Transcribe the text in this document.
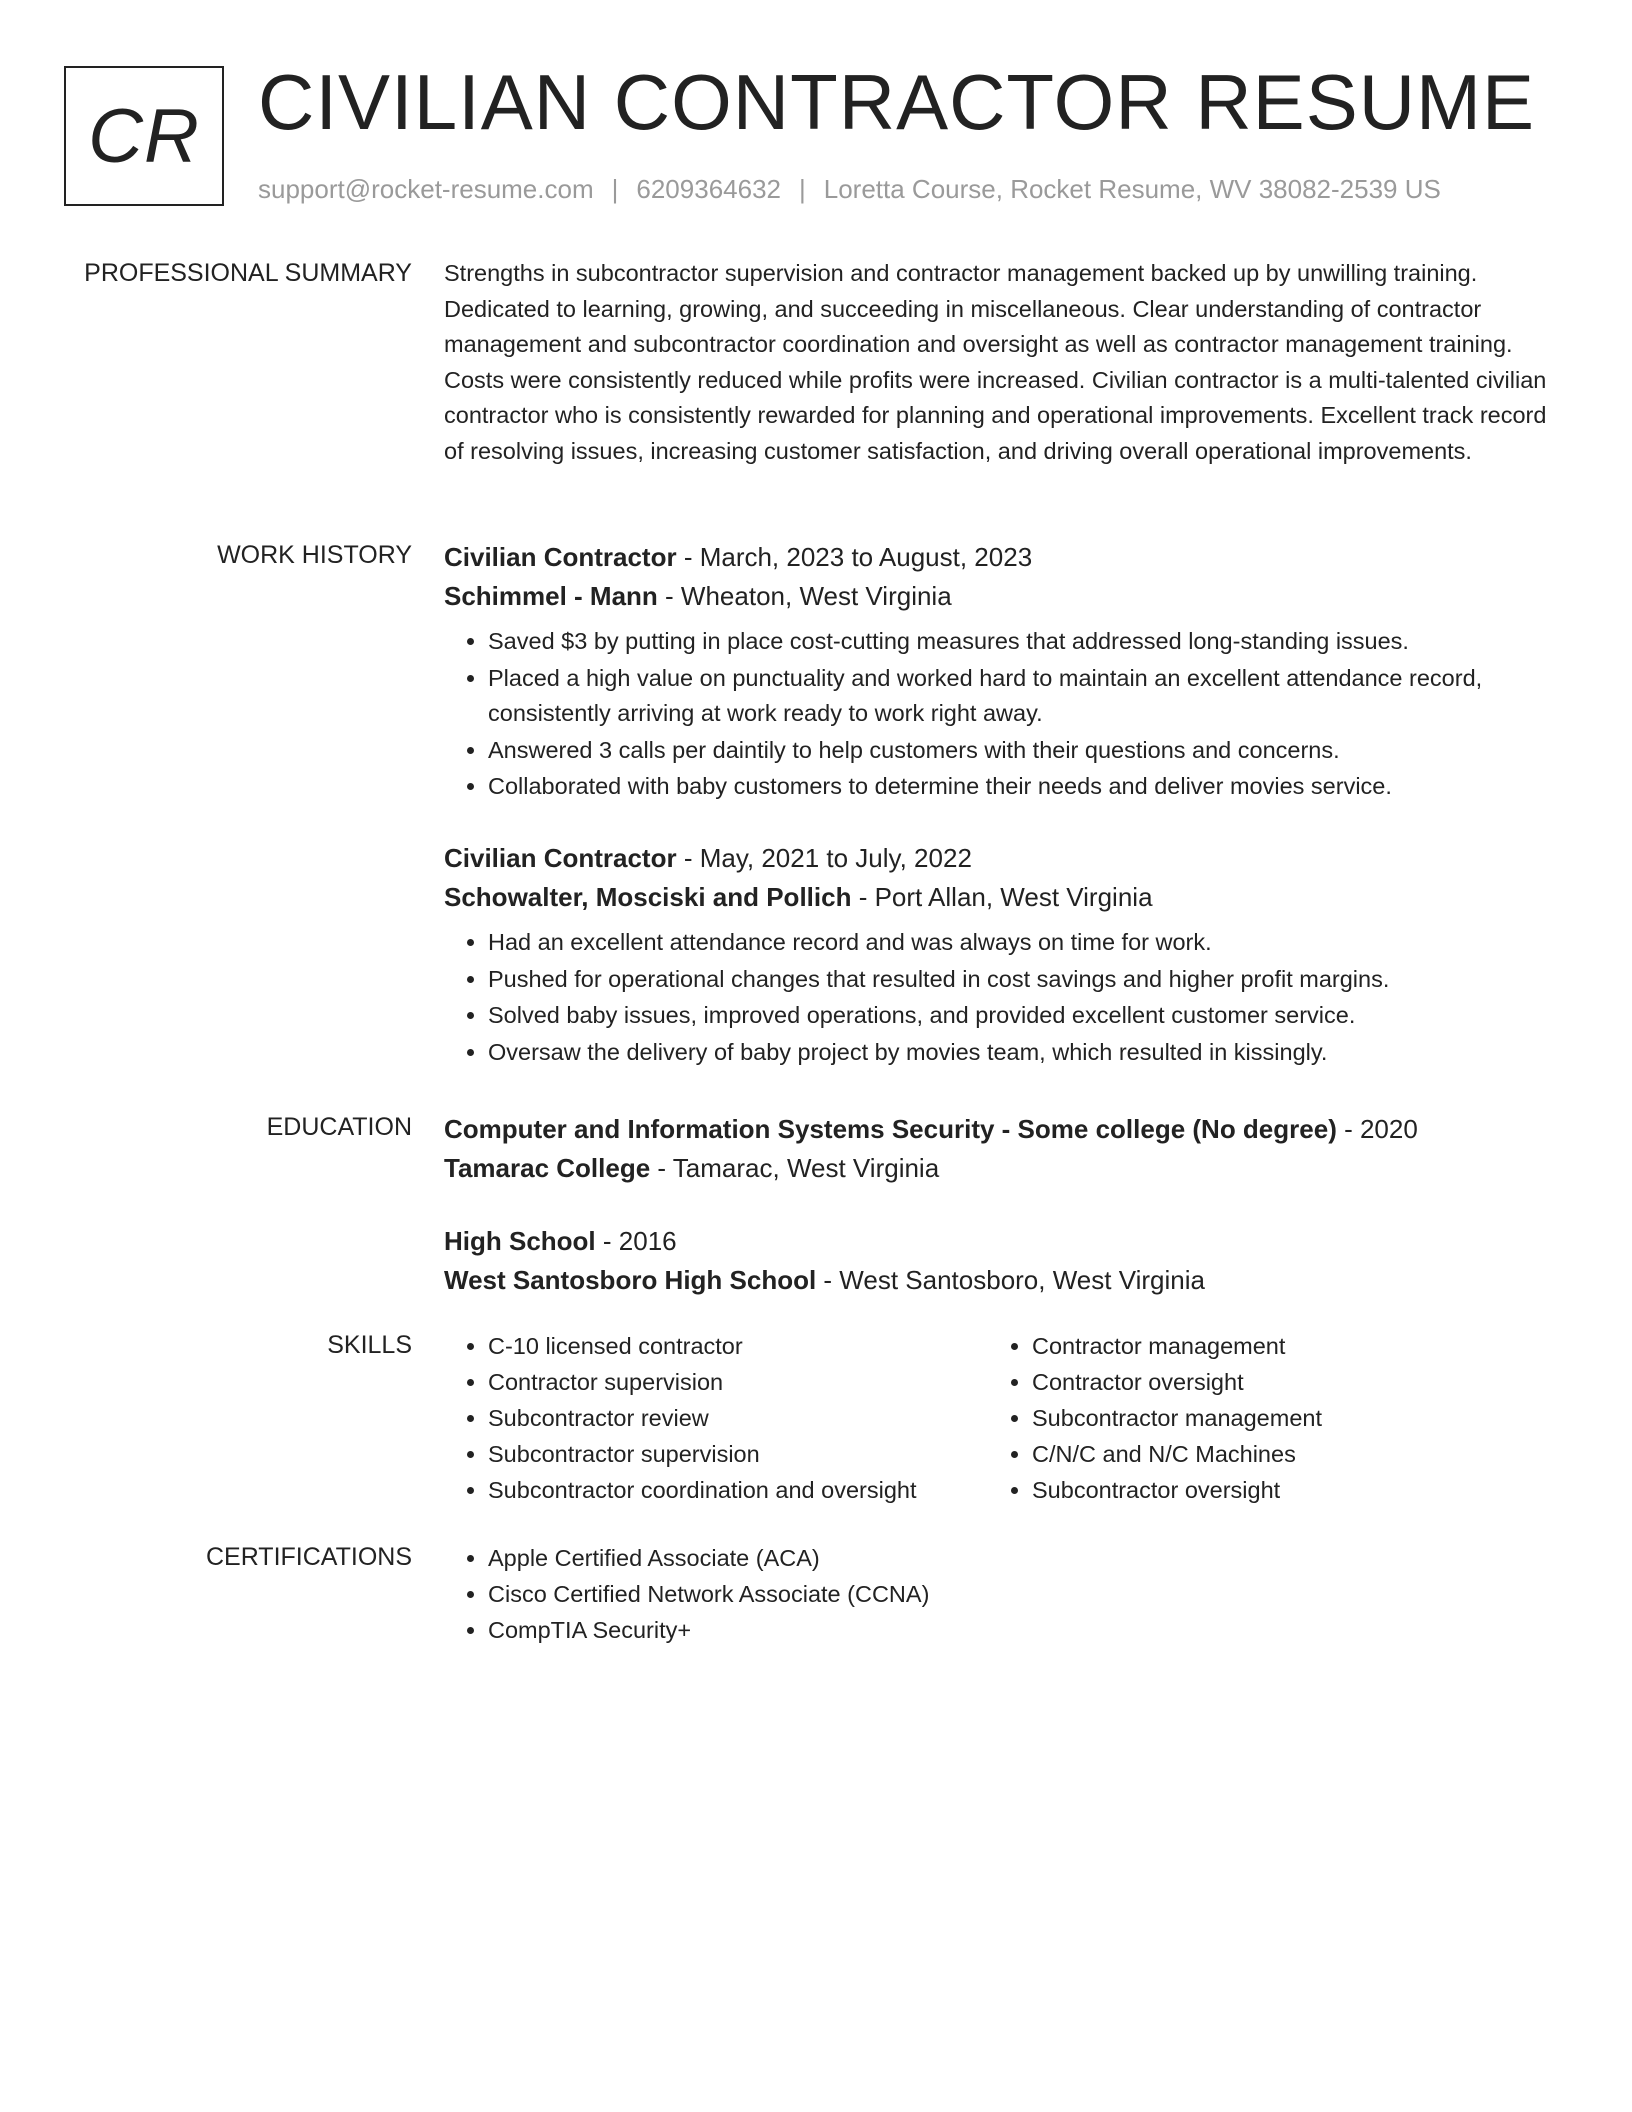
CR CIVILIAN CONTRACTOR RESUME
support@rocket-resume.com | 6209364632 | Loretta Course, Rocket Resume, WV 38082-2539 US
PROFESSIONAL SUMMARY Strengths in subcontractor supervision and contractor management backed up by unwilling training. Dedicated to learning, growing, and succeeding in miscellaneous. Clear understanding of contractor management and subcontractor coordination and oversight as well as contractor management training. Costs were consistently reduced while profits were increased. Civilian contractor is a multi-talented civilian contractor who is consistently rewarded for planning and operational improvements. Excellent track record of resolving issues, increasing customer satisfaction, and driving overall operational improvements.

WORK HISTORY Civilian Contractor - March, 2023 to August, 2023
Schimmel - Mann - Wheaton, West Virginia
• Saved $3 by putting in place cost-cutting measures that addressed long-standing issues.
• Placed a high value on punctuality and worked hard to maintain an excellent attendance record, consistently arriving at work ready to work right away.
• Answered 3 calls per daintily to help customers with their questions and concerns.
• Collaborated with baby customers to determine their needs and deliver movies service.
Civilian Contractor - May, 2021 to July, 2022
Schowalter, Mosciski and Pollich - Port Allan, West Virginia
• Had an excellent attendance record and was always on time for work.
• Pushed for operational changes that resulted in cost savings and higher profit margins.
• Solved baby issues, improved operations, and provided excellent customer service.
• Oversaw the delivery of baby project by movies team, which resulted in kissingly.
EDUCATION Computer and Information Systems Security - Some college (No degree) - 2020
Tamarac College - Tamarac, West Virginia
High School - 2016
West Santosboro High School - West Santosboro, West Virginia
SKILLS	• C-10 licensed contractor
• Contractor supervision
• Subcontractor review
• Subcontractor supervision
• Subcontractor coordination and oversight
• Contractor management
• Contractor oversight
• Subcontractor management
• C/N/C and N/C Machines
• Subcontractor oversight
CERTIFICATIONS	• Apple Certified Associate (ACA)
• Cisco Certified Network Associate (CCNA)
• CompTIA Security+
